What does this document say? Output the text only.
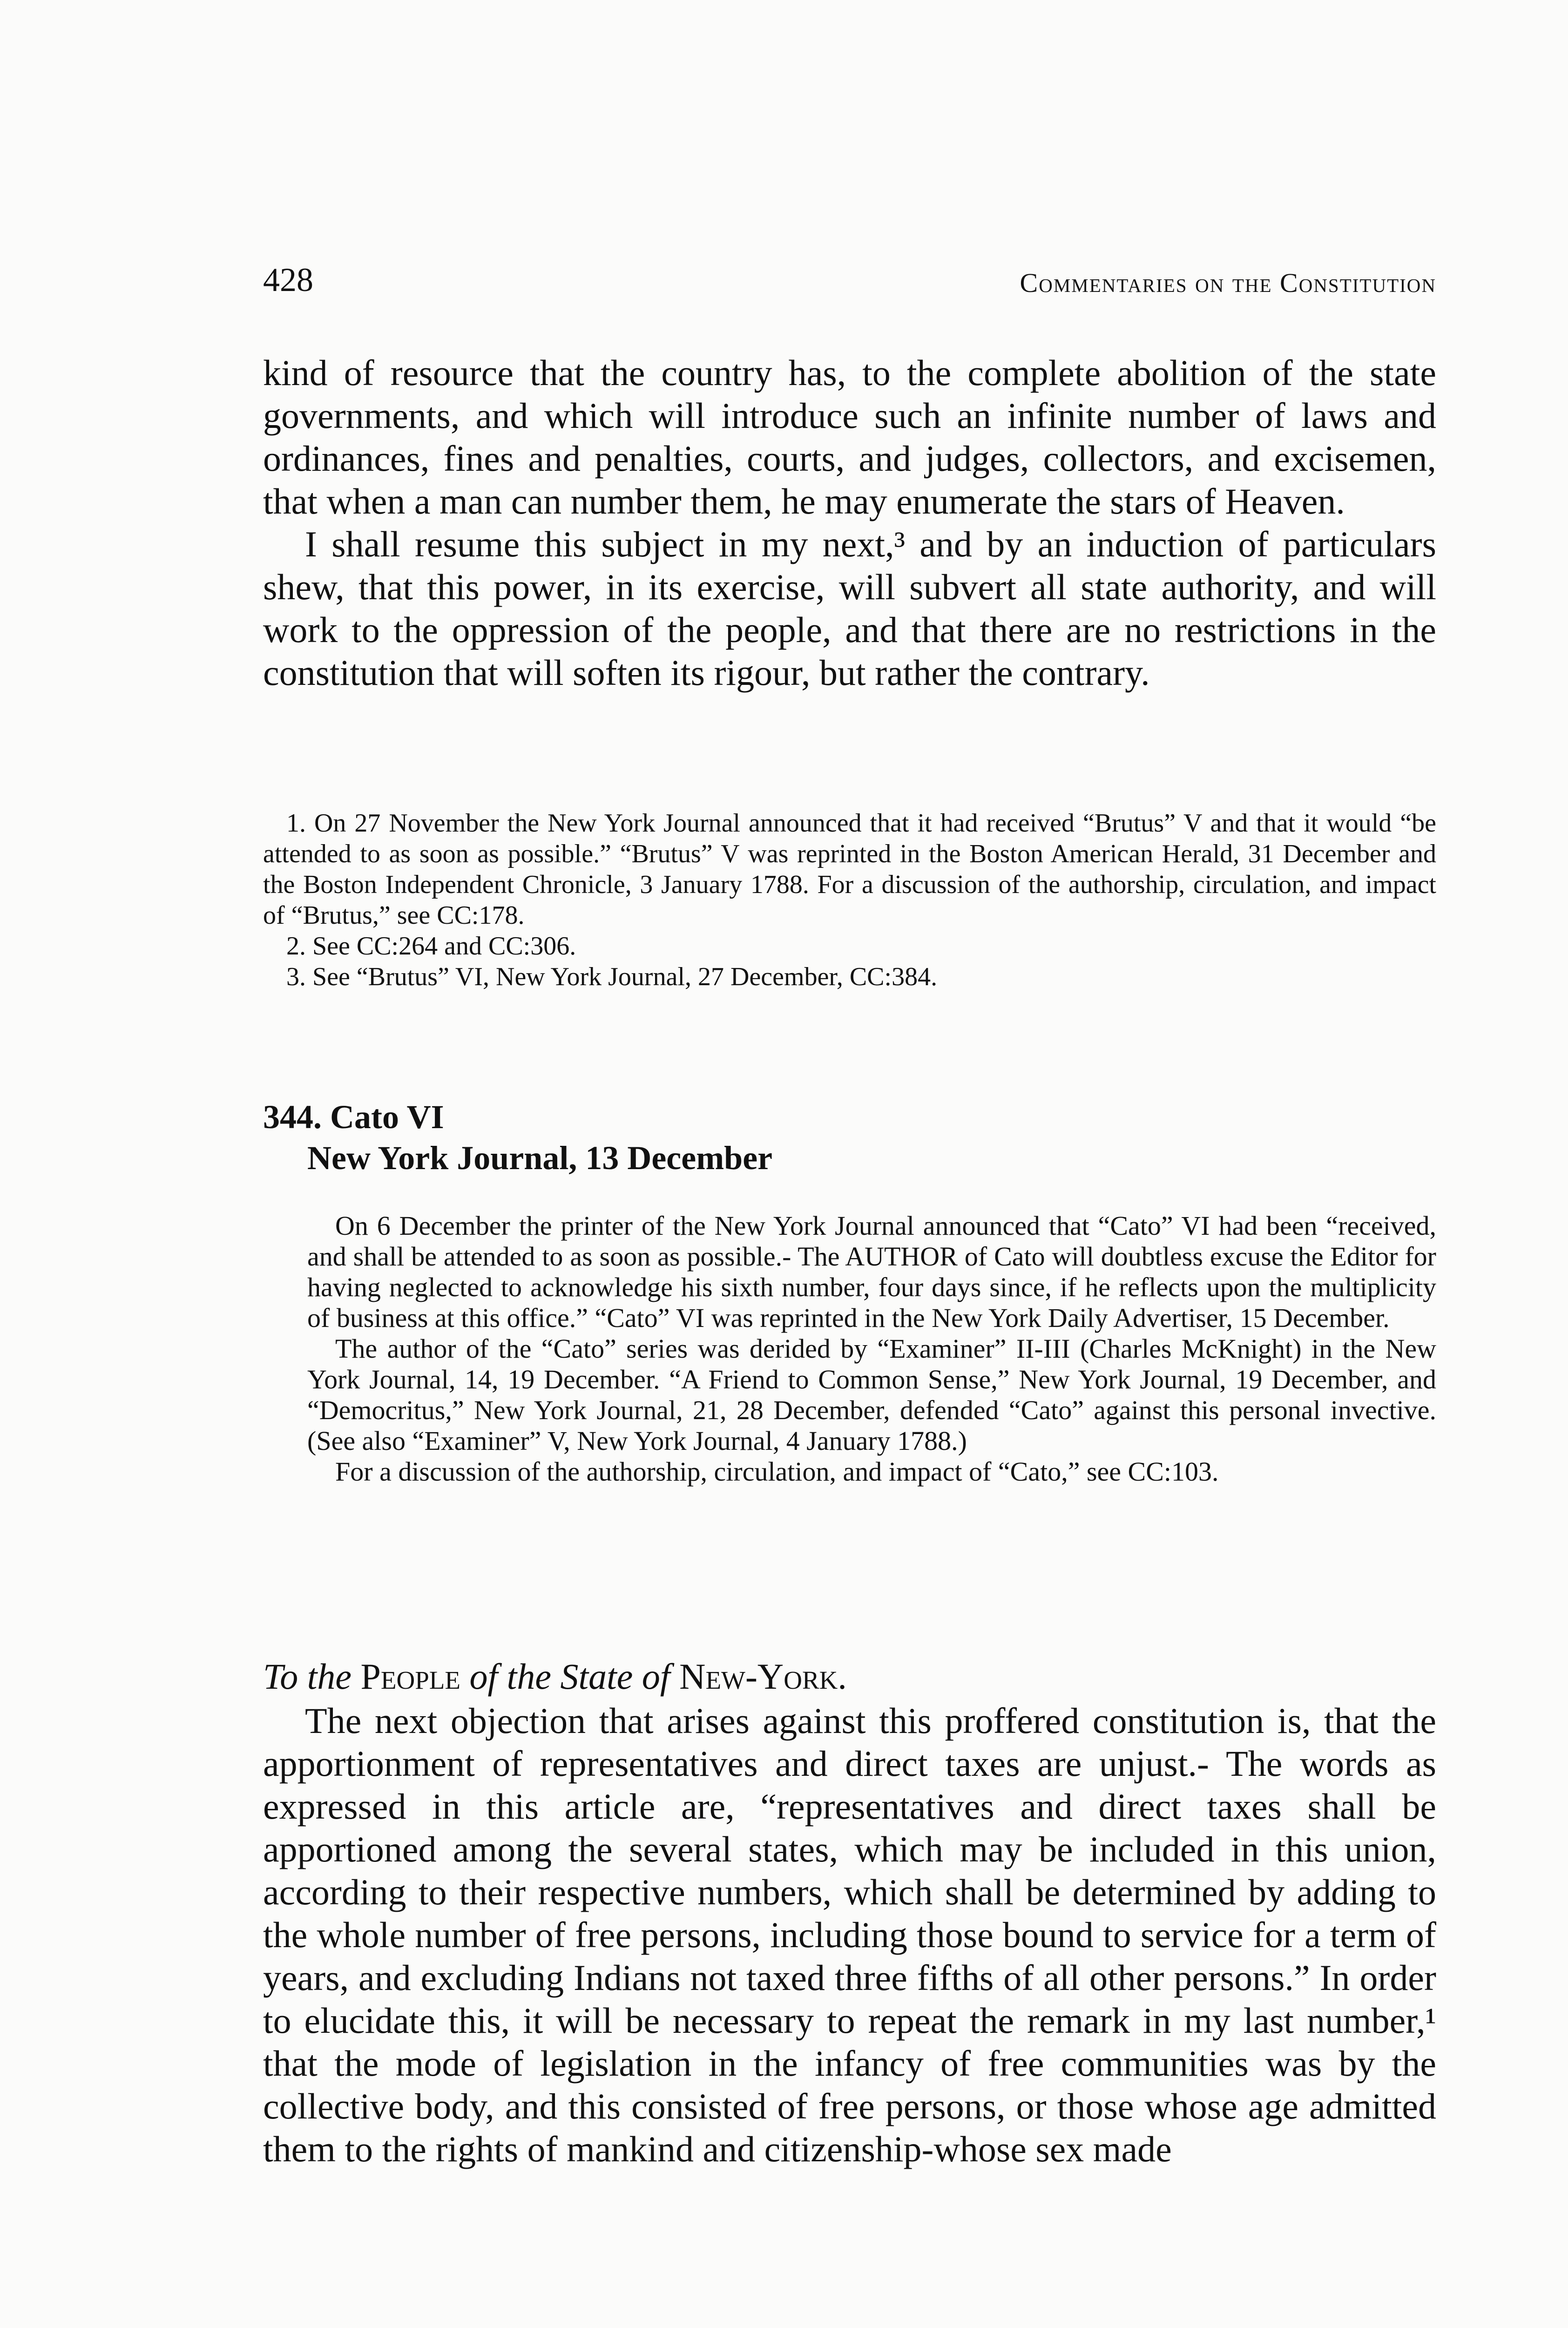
428	Commentaries on the Constitution

kind of resource that the country has, to the complete abolition of the state governments, and which will introduce such an infinite number of laws and ordinances, fines and penalties, courts, and judges, collectors, and excisemen, that when a man can number them, he may enumerate the stars of Heaven.

I shall resume this subject in my next,³ and by an induction of particulars shew, that this power, in its exercise, will subvert all state authority, and will work to the oppression of the people, and that there are no restrictions in the constitution that will soften its rigour, but rather the contrary.

1. On 27 November the New York Journal announced that it had received “Brutus” V and that it would “be attended to as soon as possible.” “Brutus” V was reprinted in the Boston American Herald, 31 December and the Boston Independent Chronicle, 3 January 1788. For a discussion of the authorship, circulation, and impact of “Brutus,” see CC:178.

2. See CC:264 and CC:306.

3. See “Brutus” VI, New York Journal, 27 December, CC:384.

344. Cato VI

New York Journal, 13 December

On 6 December the printer of the New York Journal announced that “Cato” VI had been “received, and shall be attended to as soon as possible.- The AUTHOR of Cato will doubtless excuse the Editor for having neglected to acknowledge his sixth number, four days since, if he reflects upon the multiplicity of business at this office.” “Cato” VI was reprinted in the New York Daily Advertiser, 15 December.

The author of the “Cato” series was derided by “Examiner” II-III (Charles McKnight) in the New York Journal, 14, 19 December. “A Friend to Common Sense,” New York Journal, 19 December, and “Democritus,” New York Journal, 21, 28 December, defended “Cato” against this personal invective. (See also “Examiner” V, New York Journal, 4 January 1788.)

For a discussion of the authorship, circulation, and impact of “Cato,” see CC:103.

To the People of the State of New-York.

The next objection that arises against this proffered constitution is, that the apportionment of representatives and direct taxes are unjust.- The words as expressed in this article are, “representatives and direct taxes shall be apportioned among the several states, which may be included in this union, according to their respective numbers, which shall be determined by adding to the whole number of free persons, including those bound to service for a term of years, and excluding Indians not taxed three fifths of all other persons.” In order to elucidate this, it will be necessary to repeat the remark in my last number,¹ that the mode of legislation in the infancy of free communities was by the collective body, and this consisted of free persons, or those whose age admitted them to the rights of mankind and citizenship-whose sex made
